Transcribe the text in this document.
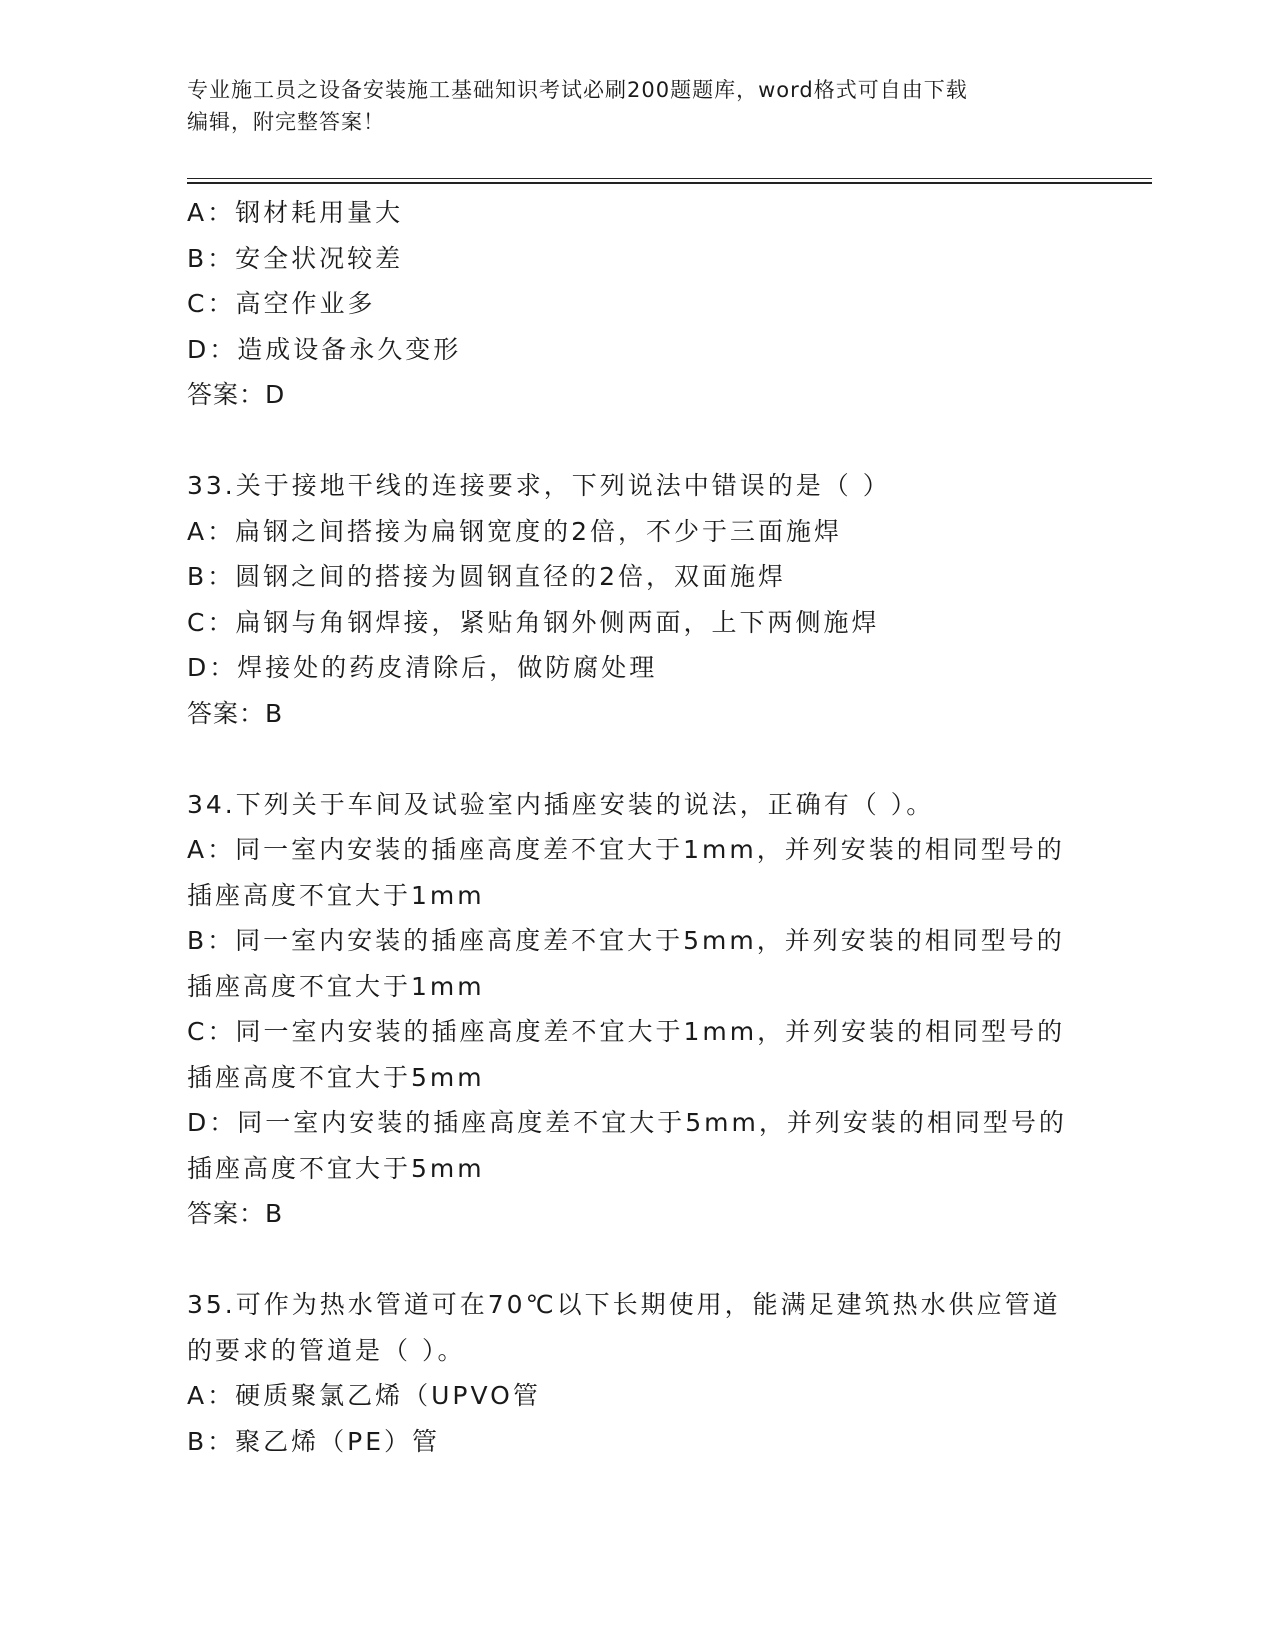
专业施工员之设备安装施工基础知识考试必刷200题题库，word格式可自由下载
编辑，附完整答案！
A：钢材耗用量大
B：安全状况较差
C：高空作业多
D：造成设备永久变形
答案：D
33.关于接地干线的连接要求，下列说法中错误的是（ ）
A：扁钢之间搭接为扁钢宽度的2倍，不少于三面施焊
B：圆钢之间的搭接为圆钢直径的2倍，双面施焊
C：扁钢与角钢焊接，紧贴角钢外侧两面，上下两侧施焊
D：焊接处的药皮清除后，做防腐处理
答案：B
34.下列关于车间及试验室内插座安装的说法，正确有（ ）。
A：同一室内安装的插座高度差不宜大于1mm，并列安装的相同型号的
插座高度不宜大于1mm
B：同一室内安装的插座高度差不宜大于5mm，并列安装的相同型号的
插座高度不宜大于1mm
C：同一室内安装的插座高度差不宜大于1mm，并列安装的相同型号的
插座高度不宜大于5mm
D：同一室内安装的插座高度差不宜大于5mm，并列安装的相同型号的
插座高度不宜大于5mm
答案：B
35.可作为热水管道可在70℃以下长期使用，能满足建筑热水供应管道
的要求的管道是（ ）。
A：硬质聚氯乙烯（UPVO管
B：聚乙烯（PE）管
